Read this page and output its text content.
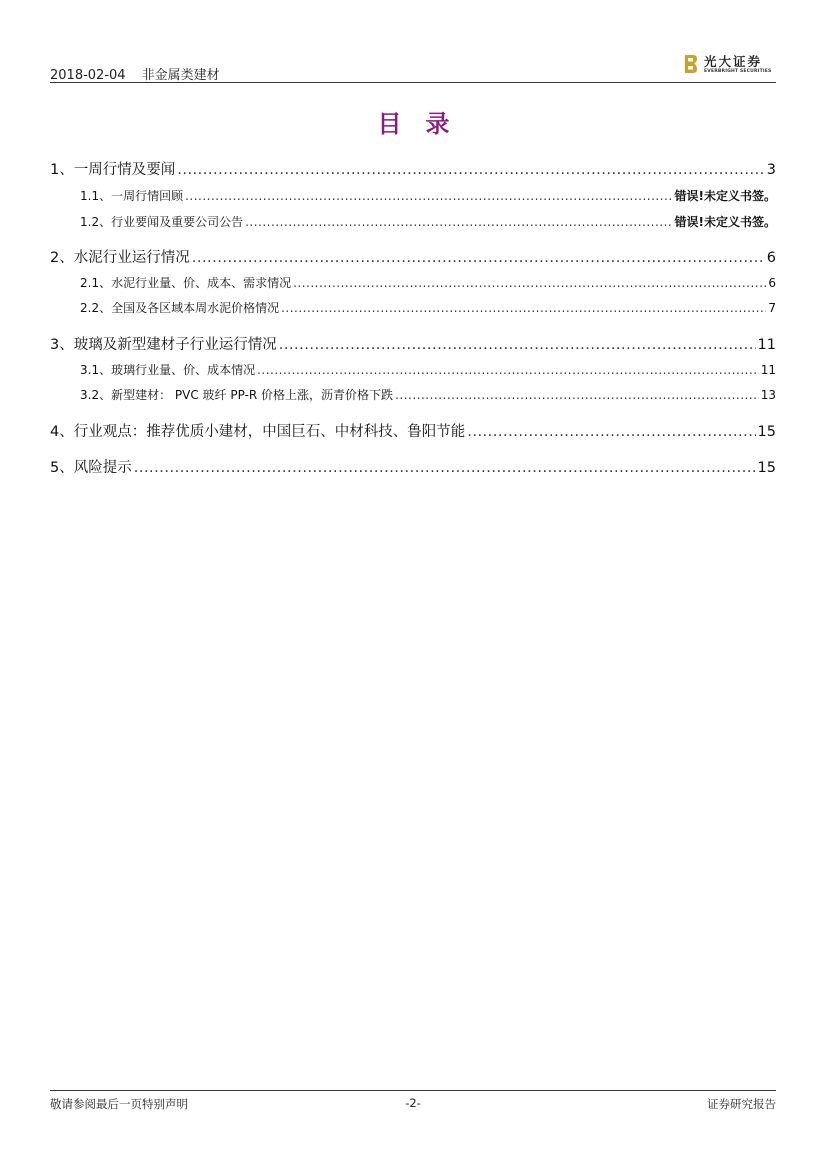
2018-02-04 非金属类建材
光大证券
EVERBRIGHT SECURITIES
目录
1、 一周行情及要闻 .....	3
1.1、 一周行情回顾 .....	错误!未定义书签。
1.2、 行业要闻及重要公司公告 .....	错误!未定义书签。
2、 水泥行业运行情况 .....	6
2.1、 水泥行业量、价、成本、需求情况 .....	6
2.2、 全国及各区域本周水泥价格情况 .....	7
3、 玻璃及新型建材子行业运行情况 .....	11
3.1、 玻璃行业量、价、成本情况 .....	11
3.2、 新型建材： PVC 玻纤 PP-R 价格上涨，沥青价格下跌 .....	13
4、 行业观点：推荐优质小建材，中国巨石、中材科技、鲁阳节能 .....	15
5、 风险提示 .....	15
敬请参阅最后一页特别声明	-2-	证券研究报告
